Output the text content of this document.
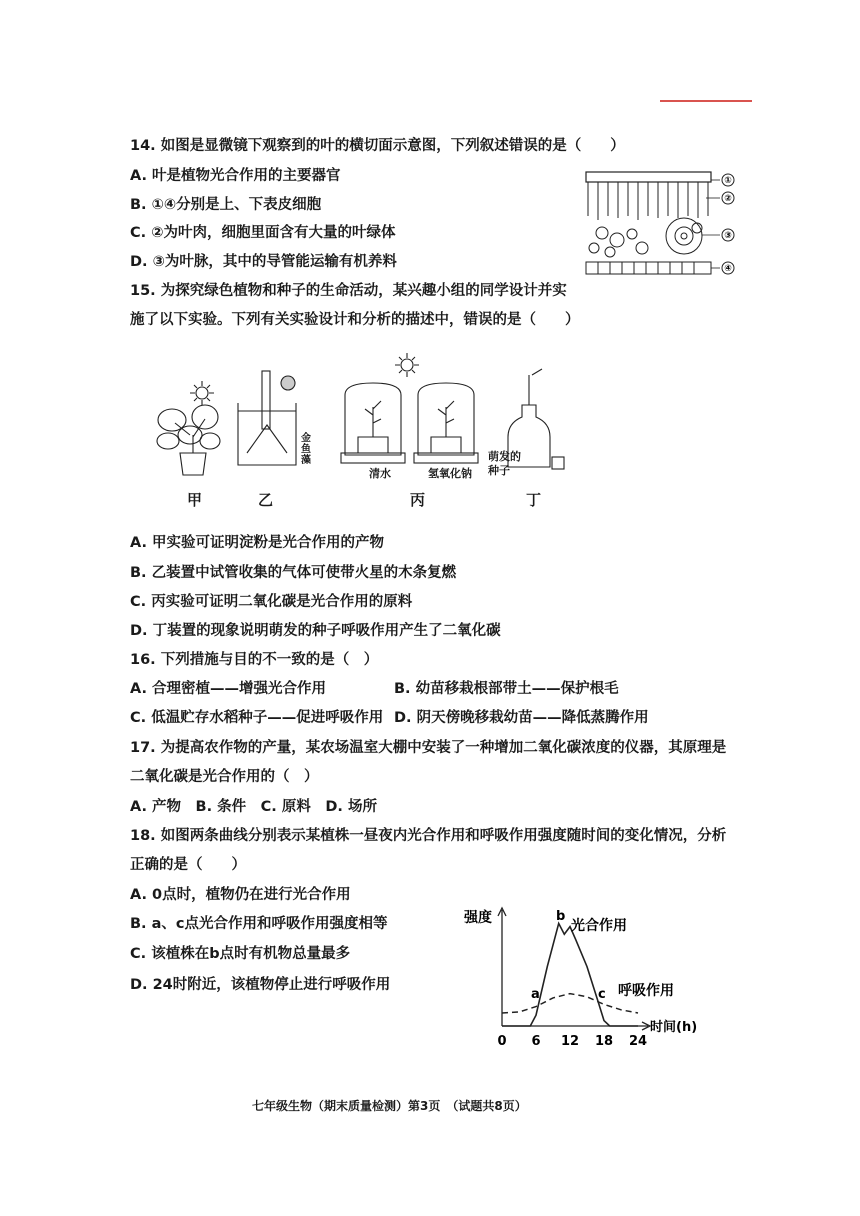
14. 如图是显微镜下观察到的叶的横切面示意图，下列叙述错误的是（　　）
A. 叶是植物光合作用的主要器官
B. ①④分别是上、下表皮细胞
C. ②为叶肉，细胞里面含有大量的叶绿体
D. ③为叶脉，其中的导管能运输有机养料
①
②
③
④
15. 为探究绿色植物和种子的生命活动，某兴趣小组的同学设计并实
施了以下实验。下列有关实验设计和分析的描述中，错误的是（　　）
金鱼藻
清水	氢氧化钠
萌发的
种子
甲	乙	丙	丁
A. 甲实验可证明淀粉是光合作用的产物
B. 乙装置中试管收集的气体可使带火星的木条复燃
C. 丙实验可证明二氧化碳是光合作用的原料
D. 丁装置的现象说明萌发的种子呼吸作用产生了二氧化碳
16. 下列措施与目的不一致的是（　）
A. 合理密植——增强光合作用	B. 幼苗移栽根部带土——保护根毛
C. 低温贮存水稻种子——促进呼吸作用 D. 阴天傍晚移栽幼苗——降低蒸腾作用
17. 为提高农作物的产量，某农场温室大棚中安装了一种增加二氧化碳浓度的仪器，其原理是
二氧化碳是光合作用的（　）
A. 产物　B. 条件　C. 原料　D. 场所
18. 如图两条曲线分别表示某植株一昼夜内光合作用和呼吸作用强度随时间的变化情况，分析
正确的是（　　）
A. 0点时，植物仍在进行光合作用
B. a、c点光合作用和呼吸作用强度相等
C. 该植株在b点时有机物总量最多
D. 24时附近，该植物停止进行呼吸作用
强度
时间(h)
0 6 12 18 24
光合作用
呼吸作用
a
b
c
七年级生物（期末质量检测）第3页　（试题共8页）
